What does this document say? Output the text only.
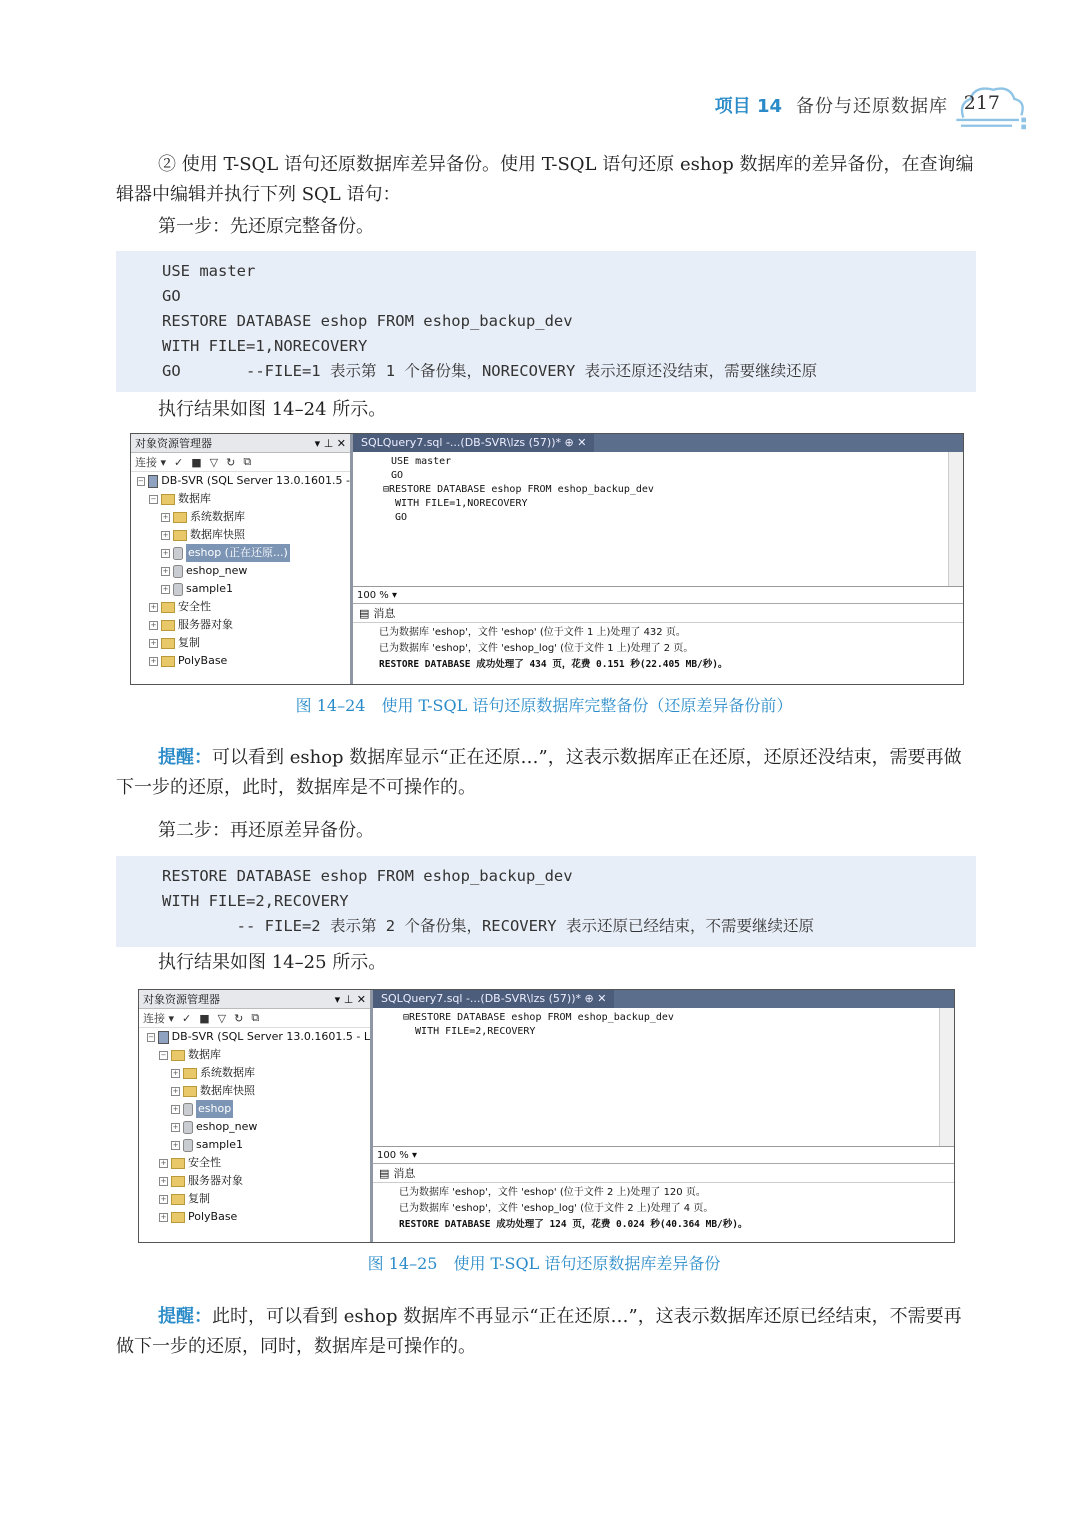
项目 14 备份与还原数据库 217
② 使用 T-SQL 语句还原数据库差异备份。使用 T-SQL 语句还原 eshop 数据库的差异备份，在查询编辑器中编辑并执行下列 SQL 语句：
第一步：先还原完整备份。
USE master
GO
RESTORE DATABASE eshop FROM eshop_backup_dev
WITH FILE=1,NORECOVERY
GO       --FILE=1 表示第 1 个备份集，NORECOVERY 表示还原还没结束，需要继续还原
执行结果如图 14–24 所示。
对象资源管理器	▾ ⊥ ✕
连接 ▾ ✓ ■ ▽ ↻ ⧉
− DB-SVR (SQL Server 13.0.1601.5 -
− 数据库
+ 系统数据库
+ 数据库快照
+ eshop (正在还原...)
+ eshop_new
+ sample1
+ 安全性
+ 服务器对象
+ 复制
+ PolyBase
SQLQuery7.sql -...(DB-SVR\lzs (57))* ⊕ ✕
USE master
GO
⊟RESTORE DATABASE eshop FROM eshop_backup_dev
WITH FILE=1,NORECOVERY
GO
100 % ▾
▤ 消息
已为数据库 'eshop'，文件 'eshop' (位于文件 1 上)处理了 432 页。
已为数据库 'eshop'，文件 'eshop_log' (位于文件 1 上)处理了 2 页。
RESTORE DATABASE 成功处理了 434 页，花费 0.151 秒(22.405 MB/秒)。
图 14–24　使用 T-SQL 语句还原数据库完整备份（还原差异备份前）
提醒：可以看到 eshop 数据库显示“正在还原…”，这表示数据库正在还原，还原还没结束，需要再做下一步的还原，此时，数据库是不可操作的。
第二步：再还原差异备份。
RESTORE DATABASE eshop FROM eshop_backup_dev
WITH FILE=2,RECOVERY
-- FILE=2 表示第 2 个备份集，RECOVERY 表示还原已经结束，不需要继续还原
执行结果如图 14–25 所示。
对象资源管理器	▾ ⊥ ✕
连接 ▾ ✓ ■ ▽ ↻ ⧉
− DB-SVR (SQL Server 13.0.1601.5 - L
− 数据库
+ 系统数据库
+ 数据库快照
+ eshop
+ eshop_new
+ sample1
+ 安全性
+ 服务器对象
+ 复制
+ PolyBase
SQLQuery7.sql -...(DB-SVR\lzs (57))* ⊕ ✕
⊟RESTORE DATABASE eshop FROM eshop_backup_dev
WITH FILE=2,RECOVERY
100 % ▾
▤ 消息
已为数据库 'eshop'，文件 'eshop' (位于文件 2 上)处理了 120 页。
已为数据库 'eshop'，文件 'eshop_log' (位于文件 2 上)处理了 4 页。
RESTORE DATABASE 成功处理了 124 页，花费 0.024 秒(40.364 MB/秒)。
图 14–25　使用 T-SQL 语句还原数据库差异备份
提醒：此时，可以看到 eshop 数据库不再显示“正在还原…”，这表示数据库还原已经结束，不需要再做下一步的还原，同时，数据库是可操作的。
